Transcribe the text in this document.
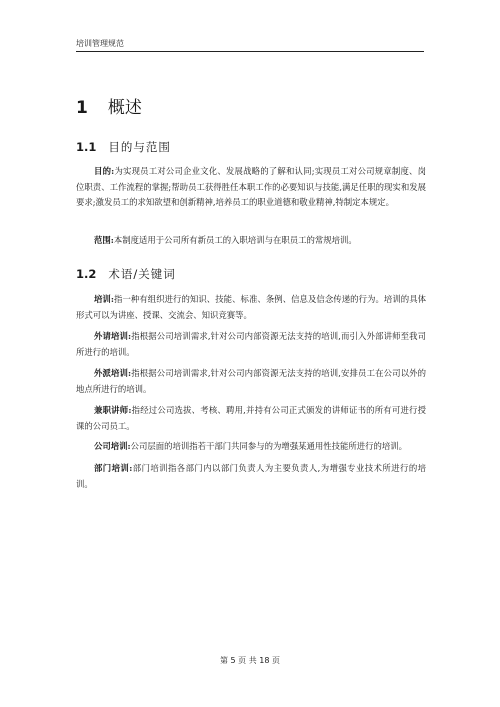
培训管理规范
1 概述
1.1 目的与范围
目的:为实现员工对公司企业文化、发展战略的了解和认同;实现员工对公司规章制度、岗位职责、工作流程的掌握;帮助员工获得胜任本职工作的必要知识与技能,满足任职的现实和发展要求;激发员工的求知欲望和创新精神,培养员工的职业道德和敬业精神,特制定本规定。
范围:本制度适用于公司所有新员工的入职培训与在职员工的常规培训。
1.2 术语/关键词
培训:指一种有组织进行的知识、技能、标准、条例、信息及信念传递的行为。培训的具体形式可以为讲座、授课、交流会、知识竞赛等。
外请培训:指根据公司培训需求,针对公司内部资源无法支持的培训,而引入外部讲师至我司所进行的培训。
外派培训:指根据公司培训需求,针对公司内部资源无法支持的培训,安排员工在公司以外的地点所进行的培训。
兼职讲师:指经过公司选拔、考核、聘用,并持有公司正式颁发的讲师证书的所有可进行授课的公司员工。
公司培训:公司层面的培训指若干部门共同参与的为增强某通用性技能所进行的培训。
部门培训:部门培训指各部门内以部门负责人为主要负责人,为增强专业技术所进行的培训。
第 5 页 共 18 页
